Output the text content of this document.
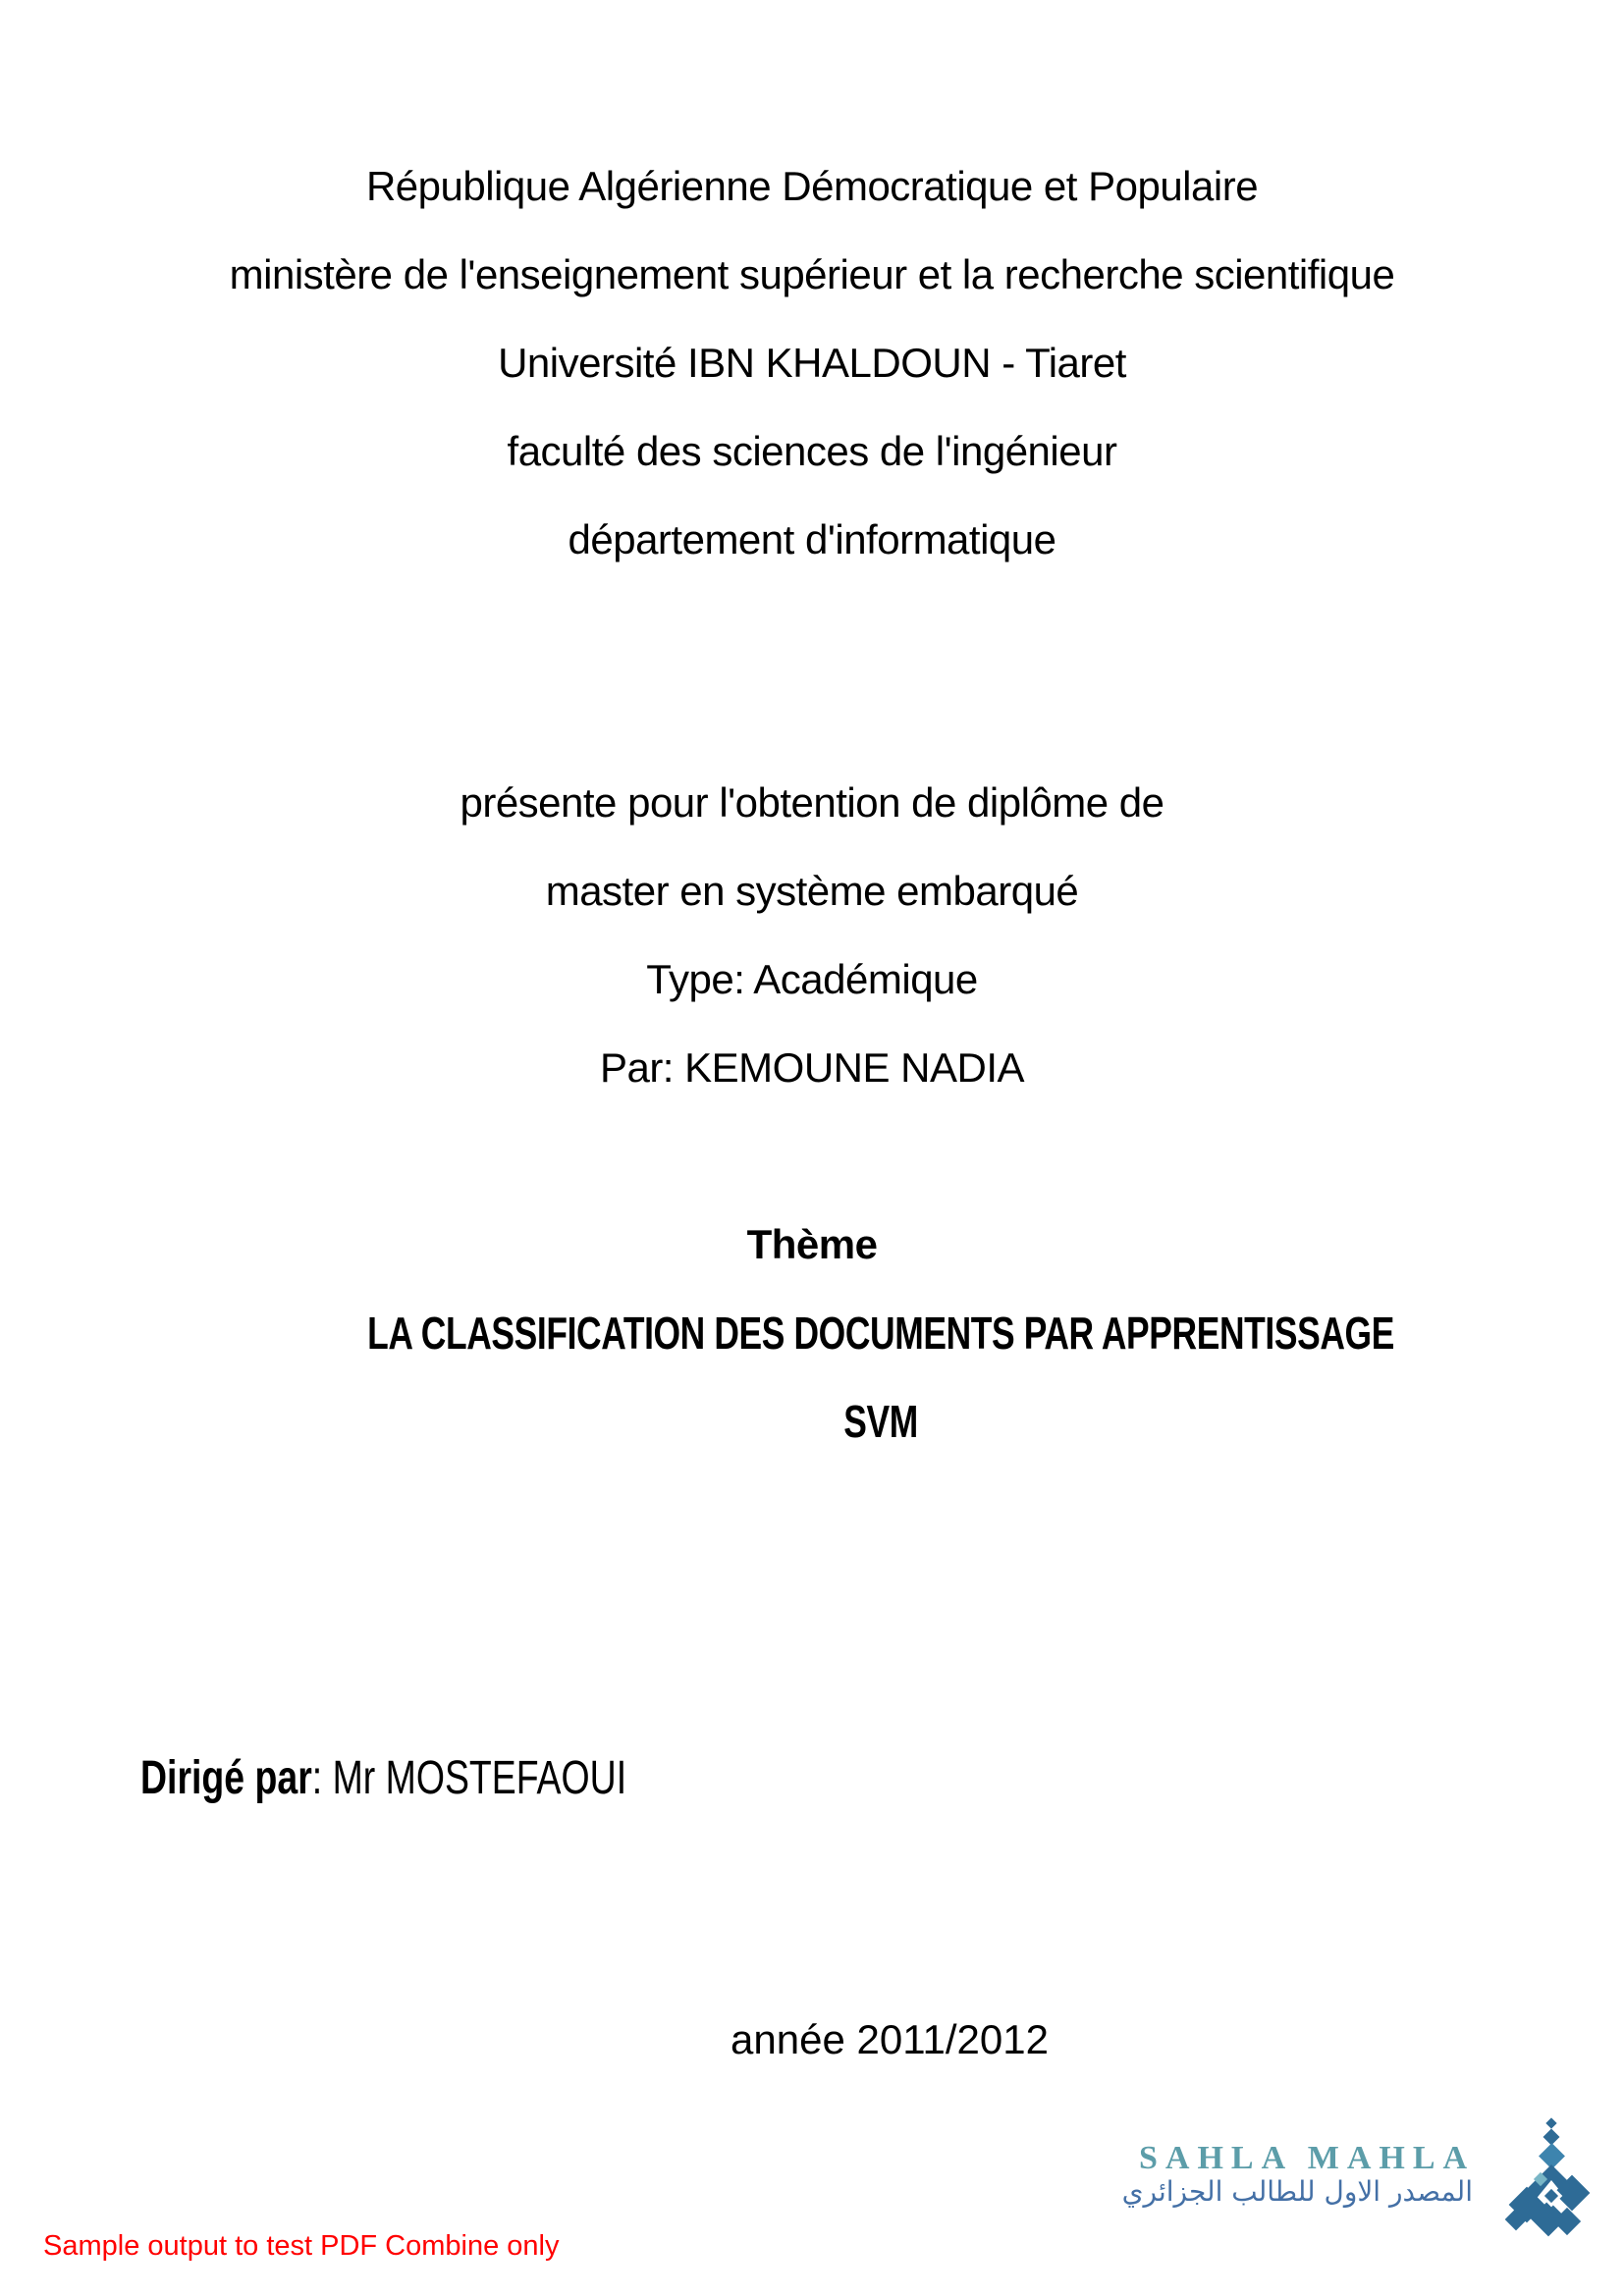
République Algérienne Démocratique et Populaire
ministère de l'enseignement supérieur et la recherche scientifique
Université IBN KHALDOUN - Tiaret
faculté des sciences de l'ingénieur
département d'informatique
présente pour l'obtention de diplôme de
master en système embarqué
Type: Académique
Par: KEMOUNE NADIA
Thème
LA CLASSIFICATION DES DOCUMENTS PAR APPRENTISSAGE
SVM
Dirigé par: Mr MOSTEFAOUI
année 2011/2012
SAHLA MAHLA
المصدر الاول للطالب الجزائري
Sample output to test PDF Combine only
